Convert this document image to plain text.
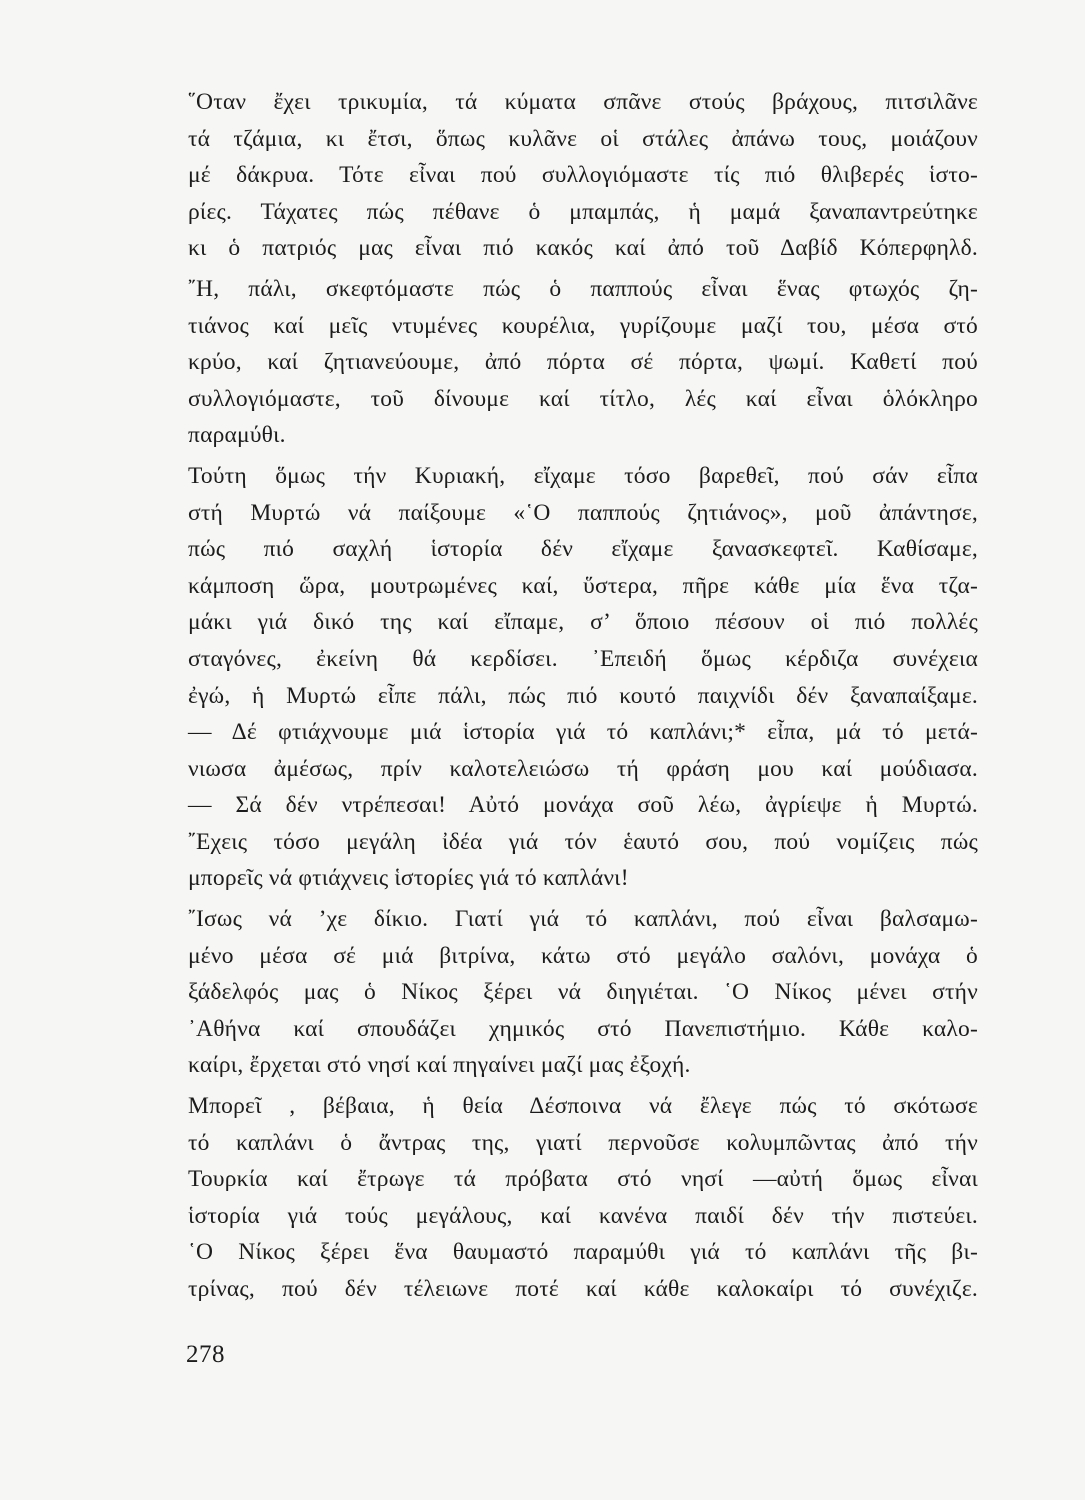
῞Οταν ἔχει τρικυμία, τά κύματα σπᾶνε στούς βράχους, πιτσιλᾶνε
τά τζάμια, κι ἔτσι, ὅπως κυλᾶνε οἱ στάλες ἀπάνω τους, μοιάζουν
μέ δάκρυα. Τότε εἶναι πού συλλογιόμαστε τίς πιό θλιβερές ἱστο-
ρίες. Τάχατες πώς πέθανε ὁ μπαμπάς, ἡ μαμά ξαναπαντρεύτηκε
κι ὁ πατριός μας εἶναι πιό κακός καί ἀπό τοῦ Δαβίδ Κόπερφηλδ.

῎Η, πάλι, σκεφτόμαστε πώς ὁ παππούς εἶναι ἕνας φτωχός ζη-
τιάνος καί μεῖς ντυμένες κουρέλια, γυρίζουμε μαζί του, μέσα στό
κρύο, καί ζητιανεύουμε, ἀπό πόρτα σέ πόρτα, ψωμί. Καθετί πού
συλλογιόμαστε, τοῦ δίνουμε καί τίτλο, λές καί εἶναι ὁλόκληρο
παραμύθι.

Τούτη ὅμως τήν Κυριακή, εἴχαμε τόσο βαρεθεῖ, πού σάν εἶπα
στή Μυρτώ νά παίξουμε «῾Ο παππούς ζητιάνος», μοῦ ἀπάντησε,
πώς πιό σαχλή ἱστορία δέν εἴχαμε ξανασκεφτεῖ. Καθίσαμε,
κάμποση ὥρα, μουτρωμένες καί, ὕστερα, πῆρε κάθε μία ἕνα τζα-
μάκι γιά δικό της καί εἴπαμε, σ’ ὅποιο πέσουν οἱ πιό πολλές
σταγόνες, ἐκείνη θά κερδίσει. ᾿Επειδή ὅμως κέρδιζα συνέχεια
ἐγώ, ἡ Μυρτώ εἶπε πάλι, πώς πιό κουτό παιχνίδι δέν ξαναπαίξαμε.
— Δέ φτιάχνουμε μιά ἱστορία γιά τό καπλάνι;* εἶπα, μά τό μετά-
νιωσα ἀμέσως, πρίν καλοτελειώσω τή φράση μου καί μούδιασα.
— Σά δέν ντρέπεσαι! Αὐτό μονάχα σοῦ λέω, ἀγρίεψε ἡ Μυρτώ.
῎Εχεις τόσο μεγάλη ἰδέα γιά τόν ἑαυτό σου, πού νομίζεις πώς
μπορεῖς νά φτιάχνεις ἱστορίες γιά τό καπλάνι!

῎Ισως νά ’χε δίκιο. Γιατί γιά τό καπλάνι, πού εἶναι βαλσαμω-
μένο μέσα σέ μιά βιτρίνα, κάτω στό μεγάλο σαλόνι, μονάχα ὁ
ξάδελφός μας ὁ Νίκος ξέρει νά διηγιέται. ῾Ο Νίκος μένει στήν
᾿Αθήνα καί σπουδάζει χημικός στό Πανεπιστήμιο. Κάθε καλο-
καίρι, ἔρχεται στό νησί καί πηγαίνει μαζί μας ἐξοχή.

Μπορεῖ , βέβαια, ἡ θεία Δέσποινα νά ἔλεγε πώς τό σκότωσε
τό καπλάνι ὁ ἄντρας της, γιατί περνοῦσε κολυμπῶντας ἀπό τήν
Τουρκία καί ἔτρωγε τά πρόβατα στό νησί —αὐτή ὅμως εἶναι
ἱστορία γιά τούς μεγάλους, καί κανένα παιδί δέν τήν πιστεύει.
῾Ο Νίκος ξέρει ἕνα θαυμαστό παραμύθι γιά τό καπλάνι τῆς βι-
τρίνας, πού δέν τέλειωνε ποτέ καί κάθε καλοκαίρι τό συνέχιζε.

278
